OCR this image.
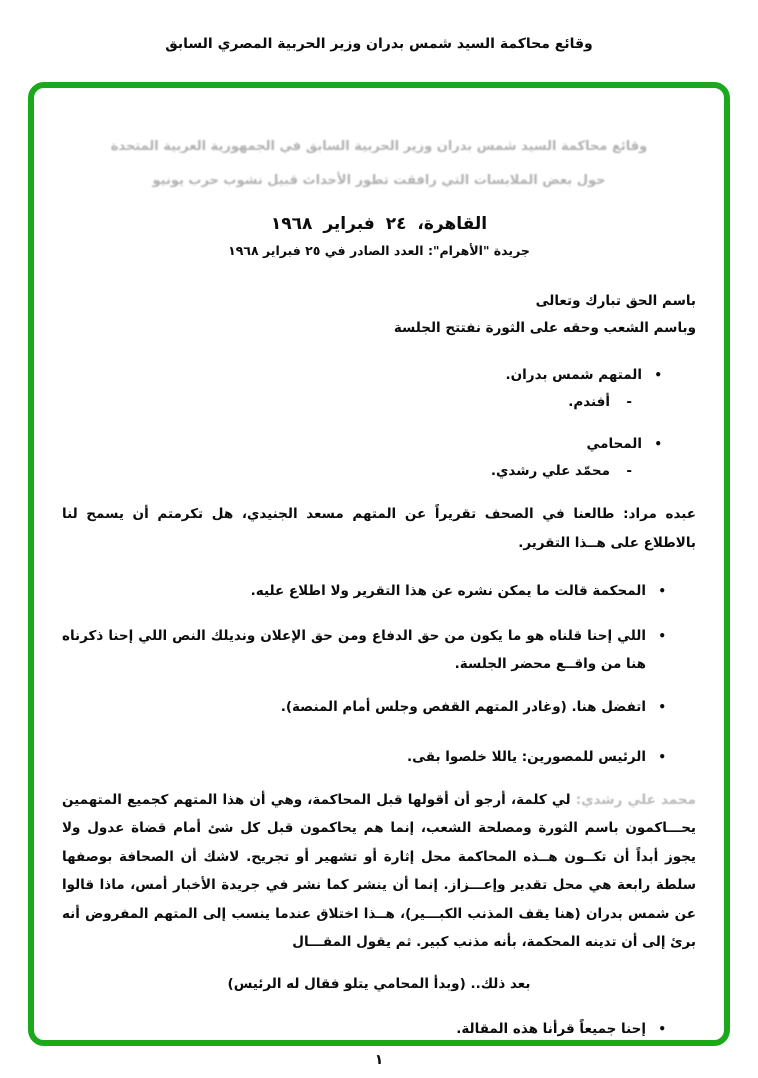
وقائع محاكمة السيد شمس بدران وزير الحربية المصري السابق
وقائع محاكمة السيد شمس بدران وزير الحربية السابق في الجمهورية العربية المتحدة
حول بعض الملابسات التي رافقت تطور الأحداث قبيل نشوب حرب يونيو
القاهرة، ٢٤ فبراير ١٩٦٨
جريدة "الأهرام": العدد الصادر في ٢٥ فبراير ١٩٦٨
باسم الحق تبارك وتعالى
وباسم الشعب وحقه على الثورة نفتتح الجلسة
•
المتهم شمس بدران.
-
أفندم.
•
المحامي
-
محمّد علي رشدي.

عبده مراد: طالعنا في الصحف تقريراً عن المتهم مسعد الجنيدي، هل تكرمتم أن يسمح لنا بالاطلاع على هــذا التقرير.

•
المحكمة قالت ما يمكن نشره عن هذا التقرير ولا اطلاع عليه.
•
اللي إحنا قلناه هو ما يكون من حق الدفاع ومن حق الإعلان ونديلك النص اللي إحنا ذكرناه هنا من واقــع محضر الجلسة.
•
اتفضل هنا. (وغادر المتهم القفص وجلس أمام المنصة).
•
الرئيس للمصورين: ياللا خلصوا بقى.

محمد علي رشدي: لي كلمة، أرجو أن أقولها قبل المحاكمة، وهي أن هذا المتهم كجميع المتهمين يحـــاكمون باسم الثورة ومصلحة الشعب، إنما هم يحاكمون قبل كل شئ أمام قضاة عدول ولا يجوز أبداً أن تكــون هــذه المحاكمة محل إثارة أو تشهير أو تجريح. لاشك أن الصحافة بوصفها سلطة رابعة هي محل تقدير وإعـــزاز. إنما أن ينشر كما نشر في جريدة الأخبار أمس، ماذا قالوا عن شمس بدران (هنا يقف المذنب الكبـــير)، هــذا اختلاق عندما ينسب إلى المتهم المفروض أنه برئ إلى أن تدينه المحكمة، بأنه مذنب كبير. ثم يقول المقـــال

بعد ذلك.. (وبدأ المحامي يتلو فقال له الرئيس)
•
إحنا جميعاً قرأنا هذه المقالة.
١
